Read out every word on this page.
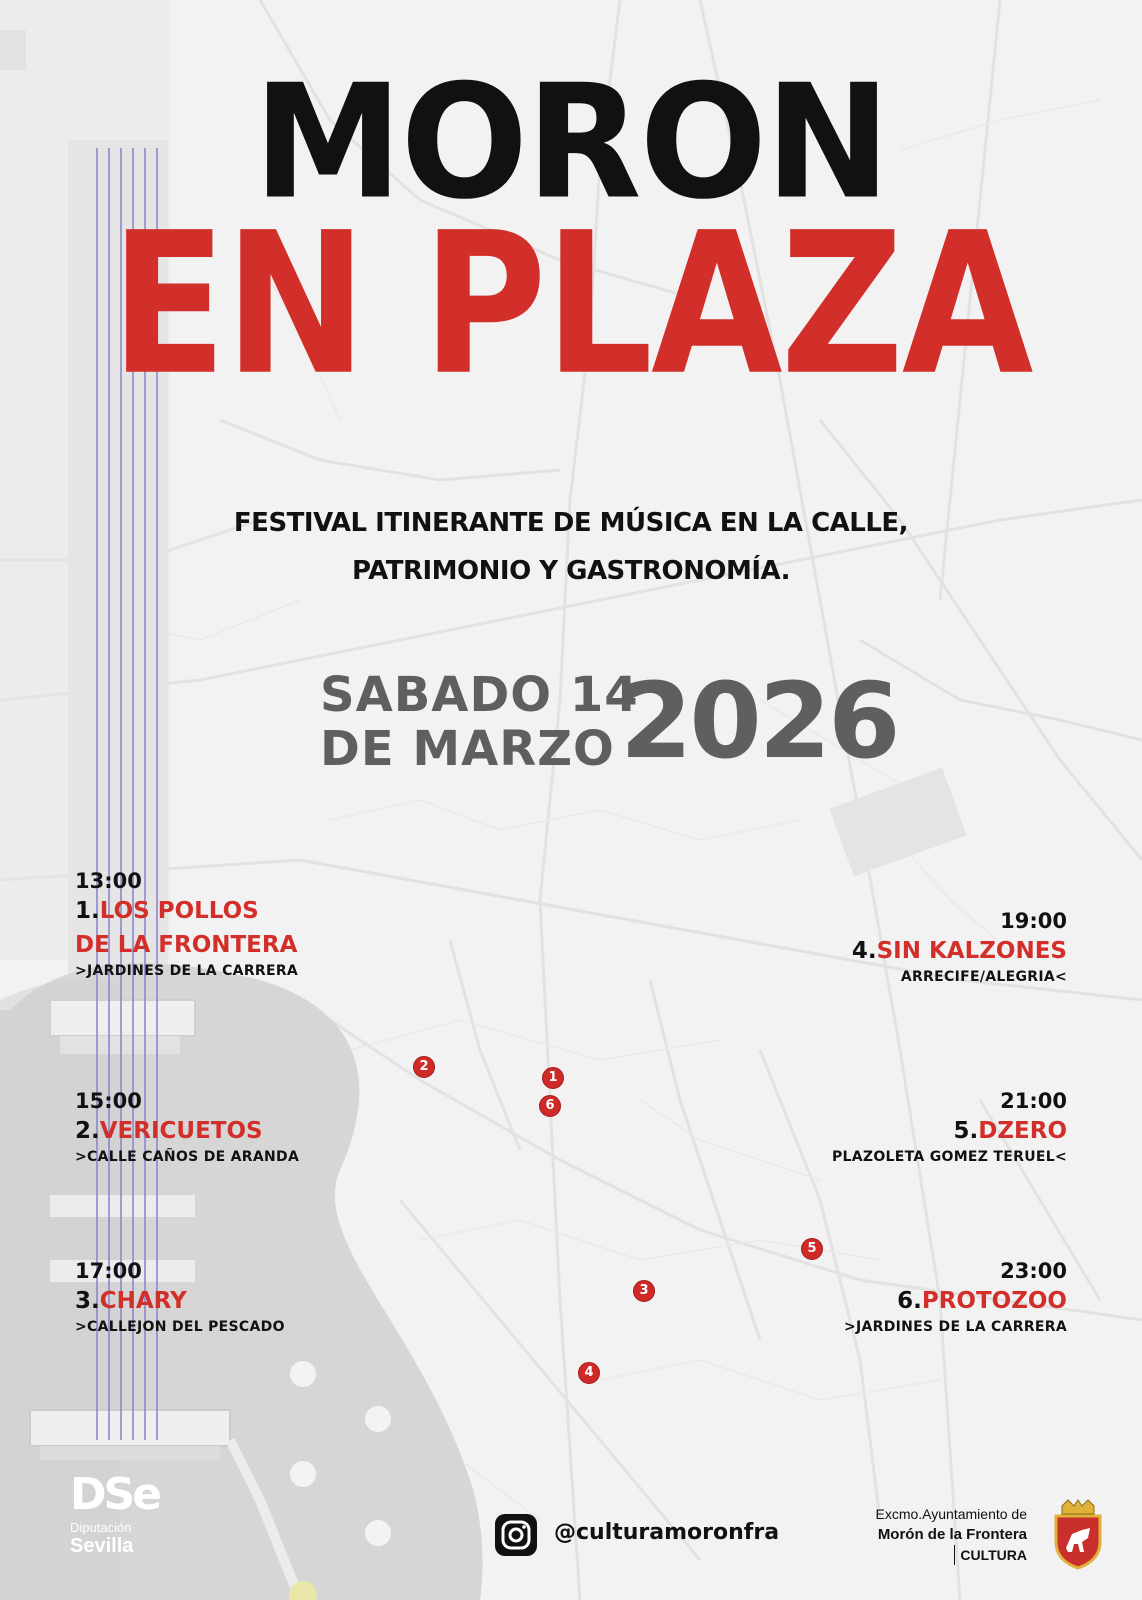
MORON
EN PLAZA
FESTIVAL ITINERANTE DE MÚSICA EN LA CALLE,
PATRIMONIO Y GASTRONOMÍA.
SABADO 14
DE MARZO 2026
13:00
1.LOS POLLOS
DE LA FRONTERA
>JARDINES DE LA CARRERA
15:00
2.VERICUETOS
>CALLE CAÑOS DE ARANDA
17:00
3.CHARY
>CALLEJON DEL PESCADO
19:00
4.SIN KALZONES
ARRECIFE/ALEGRIA<
21:00
5.DZERO
PLAZOLETA GOMEZ TERUEL<
23:00
6.PROTOZOO
>JARDINES DE LA CARRERA
1
2
3
4
5
6
DSe
Diputación
Sevilla
@culturamoronfra
Excmo.Ayuntamiento de
Morón de la Frontera
CULTURA
